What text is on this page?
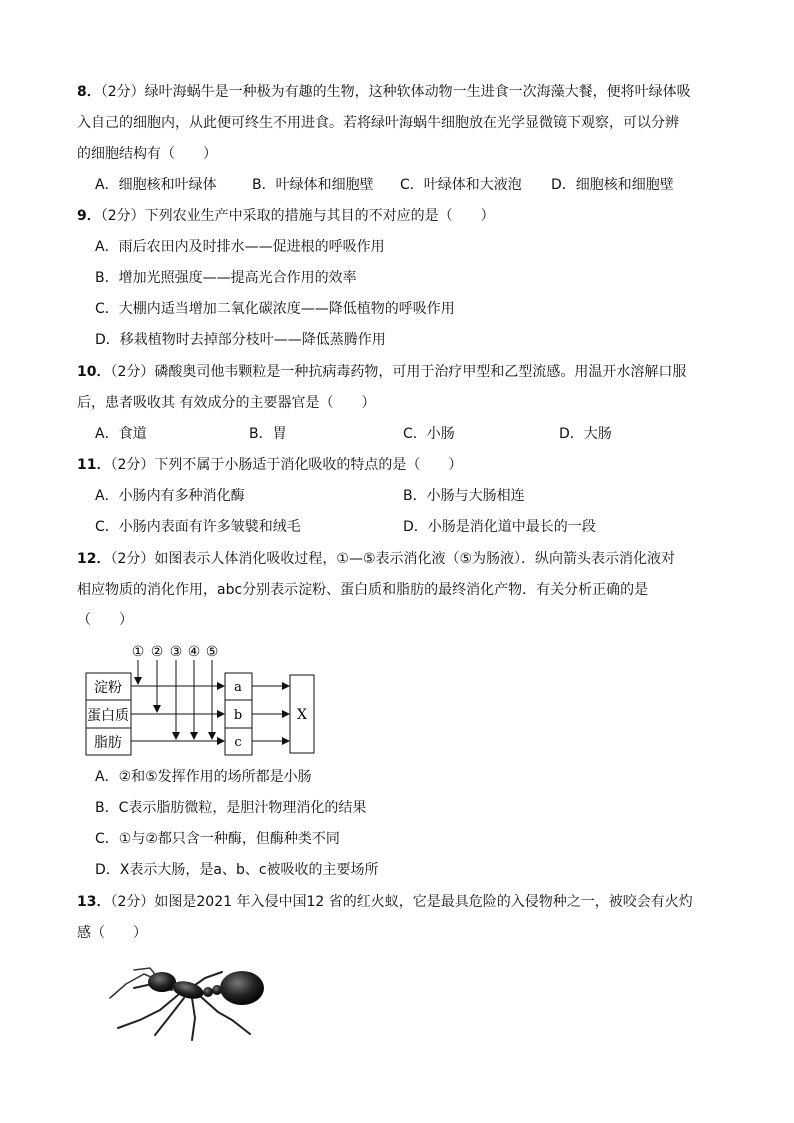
8．（2分）绿叶海蜗牛是一种极为有趣的生物，这种软体动物一生进食一次海藻大餐，便将叶绿体吸
入自己的细胞内，从此便可终生不用进食。若将绿叶海蜗牛细胞放在光学显微镜下观察，可以分辨
的细胞结构有（　　）
A．细胞核和叶绿体	B．叶绿体和细胞壁 C．叶绿体和大液泡 D．细胞核和细胞壁
9．（2分）下列农业生产中采取的措施与其目的不对应的是（　　）
A．雨后农田内及时排水——促进根的呼吸作用
B．增加光照强度——提高光合作用的效率
C．大棚内适当增加二氧化碳浓度——降低植物的呼吸作用
D．移栽植物时去掉部分枝叶——降低蒸腾作用
10．（2分）磷酸奥司他韦颗粒是一种抗病毒药物，可用于治疗甲型和乙型流感。用温开水溶解口服
后，患者吸收其 有效成分的主要器官是（　　）
A．食道	B．胃	C．小肠	D．大肠
11．（2分）下列不属于小肠适于消化吸收的特点的是（　　）
A．小肠内有多种消化酶	B．小肠与大肠相连
C．小肠内表面有许多皱襞和绒毛	D．小肠是消化道中最长的一段
12．（2分）如图表示人体消化吸收过程，①—⑤表示消化液（⑤为肠液）．纵向箭头表示消化液对
相应物质的消化作用，abc分别表示淀粉、蛋白质和脂肪的最终消化产物．有关分析正确的是
（　　）
① ② ③ ④ ⑤
淀粉
蛋白质
脂肪
a
b
c
X
A．②和⑤发挥作用的场所都是小肠
B．C表示脂肪微粒，是胆汁物理消化的结果
C．①与②都只含一种酶，但酶种类不同
D．X表示大肠，是a、b、c被吸收的主要场所
13．（2分）如图是2021 年入侵中国12 省的红火蚁，它是最具危险的入侵物种之一，被咬会有火灼
感（　　）
